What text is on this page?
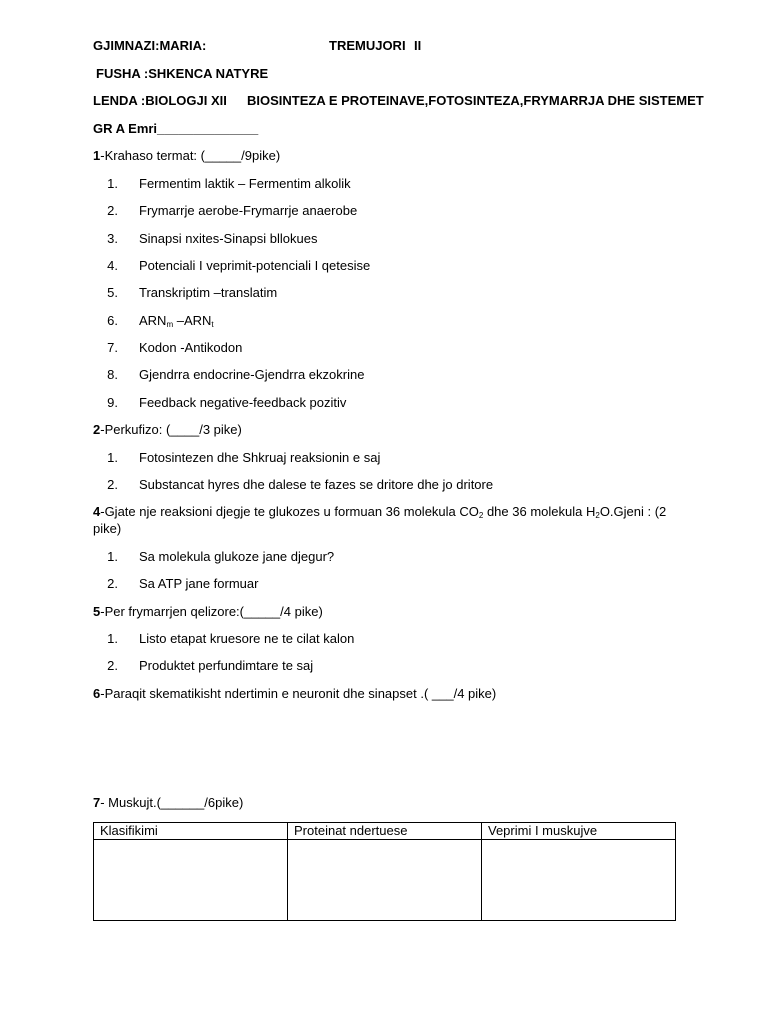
GJIMNAZI:MARIA:	TREMUJORI II
FUSHA :SHKENCA NATYRE
LENDA :BIOLOGJI XII BIOSINTEZA E PROTEINAVE,FOTOSINTEZA,FRYMARRJA DHE SISTEMET
GR A Emri______________
1-Krahaso termat: (_____/9pike)
1. Fermentim laktik – Fermentim alkolik
2. Frymarrje aerobe-Frymarrje anaerobe
3. Sinapsi nxites-Sinapsi bllokues
4. Potenciali I veprimit-potenciali I qetesise
5. Transkriptim –translatim
6. $ARN_m$ $-ARN_t$
7. Kodon -Antikodon
8. Gjendrra endocrine-Gjendrra ekzokrine
9. Feedback negative-feedback pozitiv
2-Perkufizo: (____/3 pike)
1. Fotosintezen dhe Shkruaj reaksionin e saj
2. Substancat hyres dhe dalese te fazes se dritore dhe jo dritore
4-Gjate nje reaksioni djegje te glukozes u formuan 36 molekula $CO_2$ dhe 36 molekula $H_2O.Gjeni$ : (2
pike)
1. Sa molekula glukoze jane djegur?
2. Sa ATP jane formuar
5-Per frymarrjen qelizore:(_____/4 pike)
1. Listo etapat kruesore ne te cilat kalon
2. Produktet perfundimtare te saj
6-Paraqit skematikisht ndertimin e neuronit dhe sinapset .( ___/4 pike)
7- Muskujt.(______/6pike)
Klasifikimi	Proteinat ndertuese	Veprimi I muskujve
